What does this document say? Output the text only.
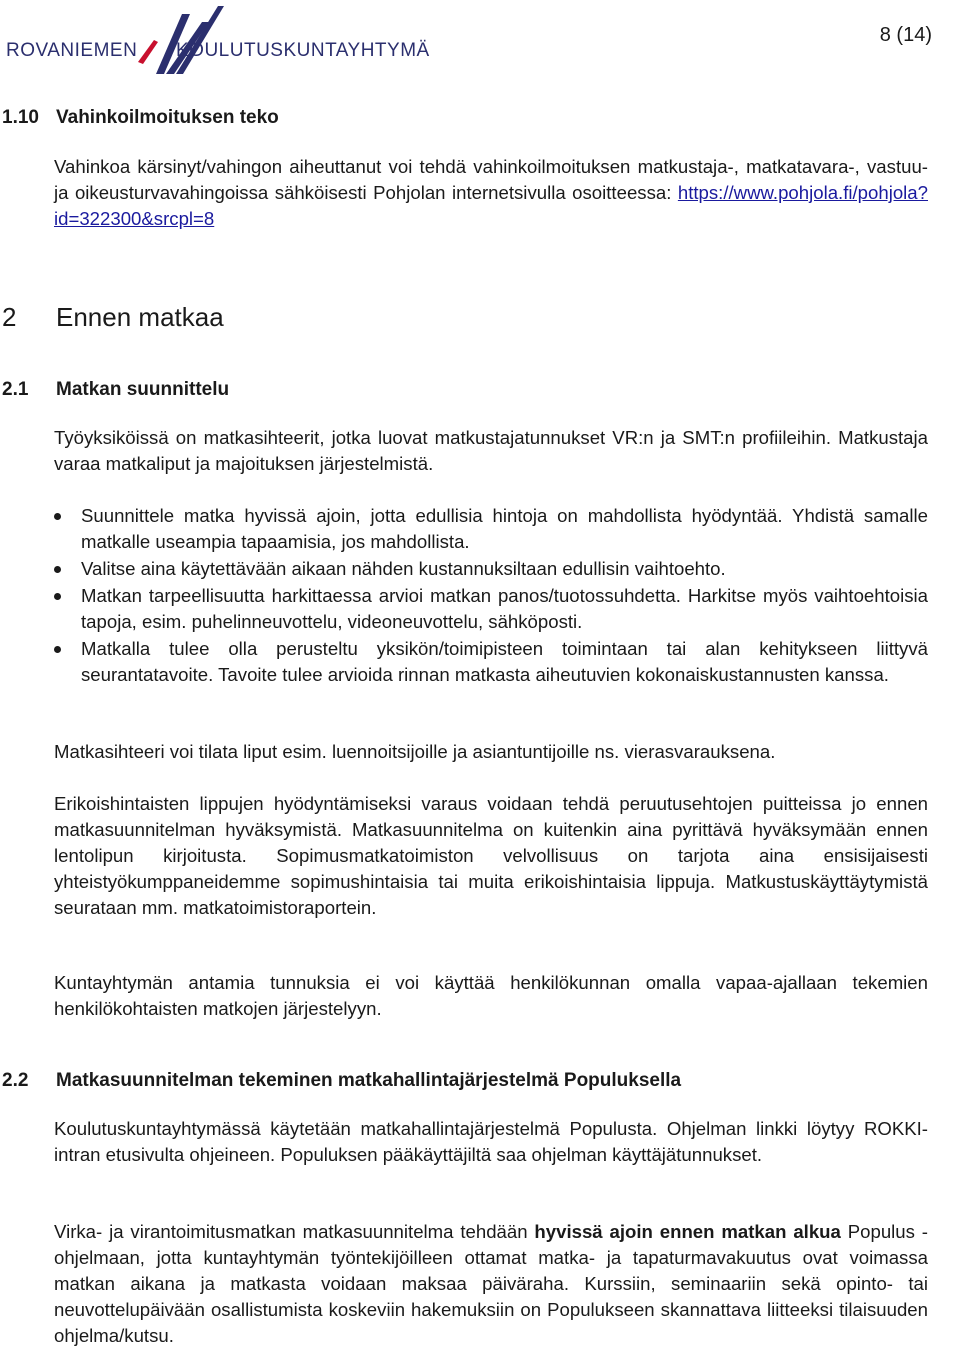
ROVANIEMEN KOULUTUSKUNTAYHTYMÄ
8 (14)
1.10 Vahinkoilmoituksen teko

Vahinkoa kärsinyt/vahingon aiheuttanut voi tehdä vahinkoilmoituksen matkustaja-, matkatavara-, vastuu- ja oikeusturvavahingoissa sähköisesti Pohjolan internetsivulla osoitteessa: https://www.pohjola.fi/pohjola?id=322300&srcpl=8

2 Ennen matkaa
2.1 Matkan suunnittelu

Työyksiköissä on matkasihteerit, jotka luovat matkustajatunnukset VR:n ja SMT:n profiileihin. Matkustaja varaa matkaliput ja majoituksen järjestelmistä.

Suunnittele matka hyvissä ajoin, jotta edullisia hintoja on mahdollista hyödyntää. Yhdistä samalle matkalle useampia tapaamisia, jos mahdollista.
Valitse aina käytettävään aikaan nähden kustannuksiltaan edullisin vaihtoehto.
Matkan tarpeellisuutta harkittaessa arvioi matkan panos/tuotossuhdetta. Harkitse myös vaihtoehtoisia tapoja, esim. puhelinneuvottelu, videoneuvottelu, sähköposti.
Matkalla tulee olla perusteltu yksikön/toimipisteen toimintaan tai alan kehitykseen liittyvä seurantatavoite. Tavoite tulee arvioida rinnan matkasta aiheutuvien kokonaiskustannusten kanssa.

Matkasihteeri voi tilata liput esim. luennoitsijoille ja asiantuntijoille ns. vierasvarauksena.

Erikoishintaisten lippujen hyödyntämiseksi varaus voidaan tehdä peruutusehtojen puitteissa jo ennen matkasuunnitelman hyväksymistä. Matkasuunnitelma on kuitenkin aina pyrittävä hyväksymään ennen lentolipun kirjoitusta. Sopimusmatkatoimiston velvollisuus on tarjota aina ensisijaisesti yhteistyökumppaneidemme sopimushintaisia tai muita erikoishintaisia lippuja. Matkustuskäyttäytymistä seurataan mm. matkatoimistoraportein.

Kuntayhtymän antamia tunnuksia ei voi käyttää henkilökunnan omalla vapaa-ajallaan tekemien henkilökohtaisten matkojen järjestelyyn.

2.2 Matkasuunnitelman tekeminen matkahallintajärjestelmä Populuksella

Koulutuskuntayhtymässä käytetään matkahallintajärjestelmä Populusta. Ohjelman linkki löytyy ROKKI-intran etusivulta ohjeineen. Populuksen pääkäyttäjiltä saa ohjelman käyttäjätunnukset.

Virka- ja virantoimitusmatkan matkasuunnitelma tehdään hyvissä ajoin ennen matkan alkua Populus -ohjelmaan, jotta kuntayhtymän työntekijöilleen ottamat matka- ja tapaturmavakuutus ovat voimassa matkan aikana ja matkasta voidaan maksaa päiväraha. Kurssiin, seminaariin sekä opinto- tai neuvottelupäivään osallistumista koskeviin hakemuksiin on Populukseen skannattava liitteeksi tilaisuuden ohjelma/kutsu.
